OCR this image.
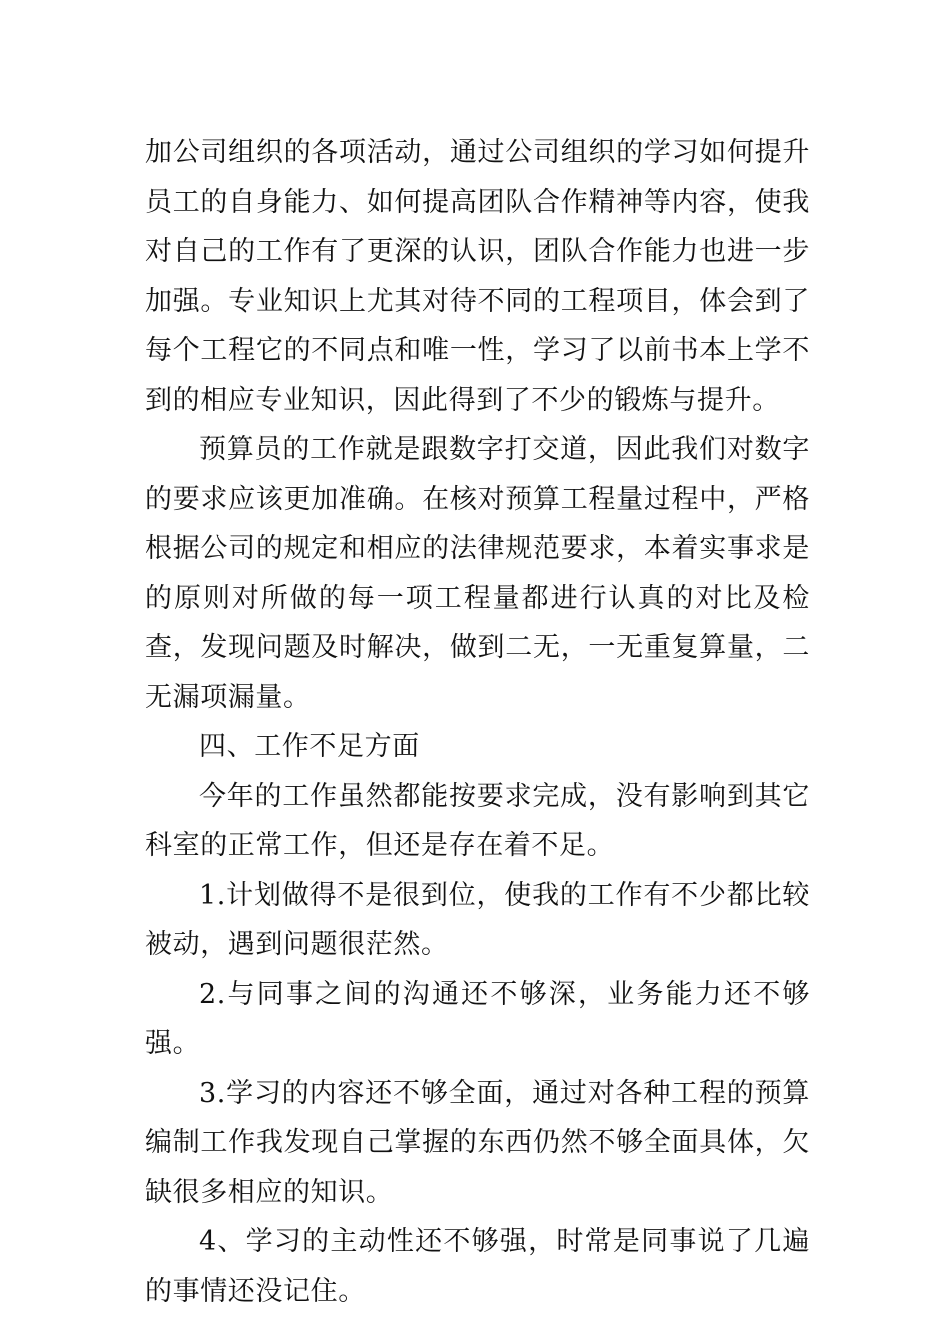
加公司组织的各项活动，通过公司组织的学习如何提升员工的自身能力、如何提高团队合作精神等内容，使我对自己的工作有了更深的认识，团队合作能力也进一步加强。专业知识上尤其对待不同的工程项目，体会到了每个工程它的不同点和唯一性，学习了以前书本上学不到的相应专业知识，因此得到了不少的锻炼与提升。

预算员的工作就是跟数字打交道，因此我们对数字的要求应该更加准确。在核对预算工程量过程中，严格根据公司的规定和相应的法律规范要求，本着实事求是的原则对所做的每一项工程量都进行认真的对比及检查，发现问题及时解决，做到二无，一无重复算量，二无漏项漏量。

四、工作不足方面

今年的工作虽然都能按要求完成，没有影响到其它科室的正常工作，但还是存在着不足。

1.计划做得不是很到位，使我的工作有不少都比较被动，遇到问题很茫然。

2.与同事之间的沟通还不够深，业务能力还不够强。

3.学习的内容还不够全面，通过对各种工程的预算编制工作我发现自己掌握的东西仍然不够全面具体，欠缺很多相应的知识。

4、学习的主动性还不够强，时常是同事说了几遍的事情还没记住。
